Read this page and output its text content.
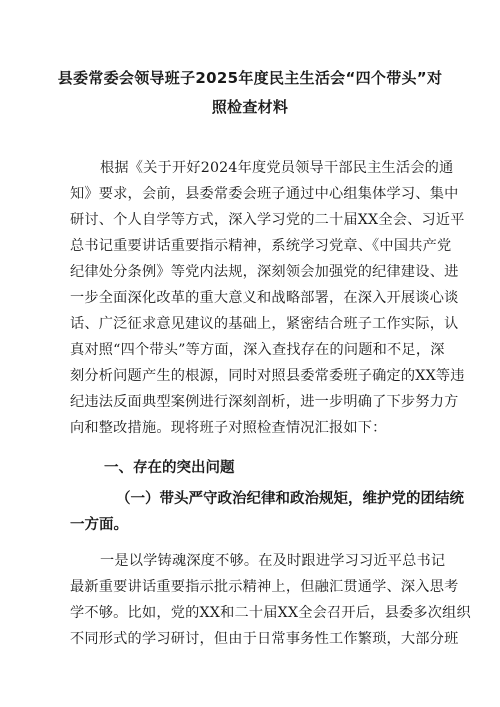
县委常委会领导班子2025年度民主生活会“四个带头”对
照检查材料
根据《关于开好2024年度党员领导干部民主生活会的通
知》要求，会前，县委常委会班子通过中心组集体学习、集中
研讨、个人自学等方式，深入学习党的二十届XX全会、习近平
总书记重要讲话重要指示精神，系统学习党章、《中国共产党
纪律处分条例》等党内法规，深刻领会加强党的纪律建设、进
一步全面深化改革的重大意义和战略部署，在深入开展谈心谈
话、广泛征求意见建议的基础上，紧密结合班子工作实际，认
真对照“四个带头”等方面，深入查找存在的问题和不足，深
刻分析问题产生的根源，同时对照县委常委班子确定的XX等违
纪违法反面典型案例进行深刻剖析，进一步明确了下步努力方
向和整改措施。现将班子对照检查情况汇报如下：
一、存在的突出问题
（一）带头严守政治纪律和政治规矩，维护党的团结统
一方面。
一是以学铸魂深度不够。在及时跟进学习习近平总书记
最新重要讲话重要指示批示精神上，但融汇贯通学、深入思考
学不够。比如，党的XX和二十届XX全会召开后，县委多次组织
不同形式的学习研讨，但由于日常事务性工作繁琐，大部分班
